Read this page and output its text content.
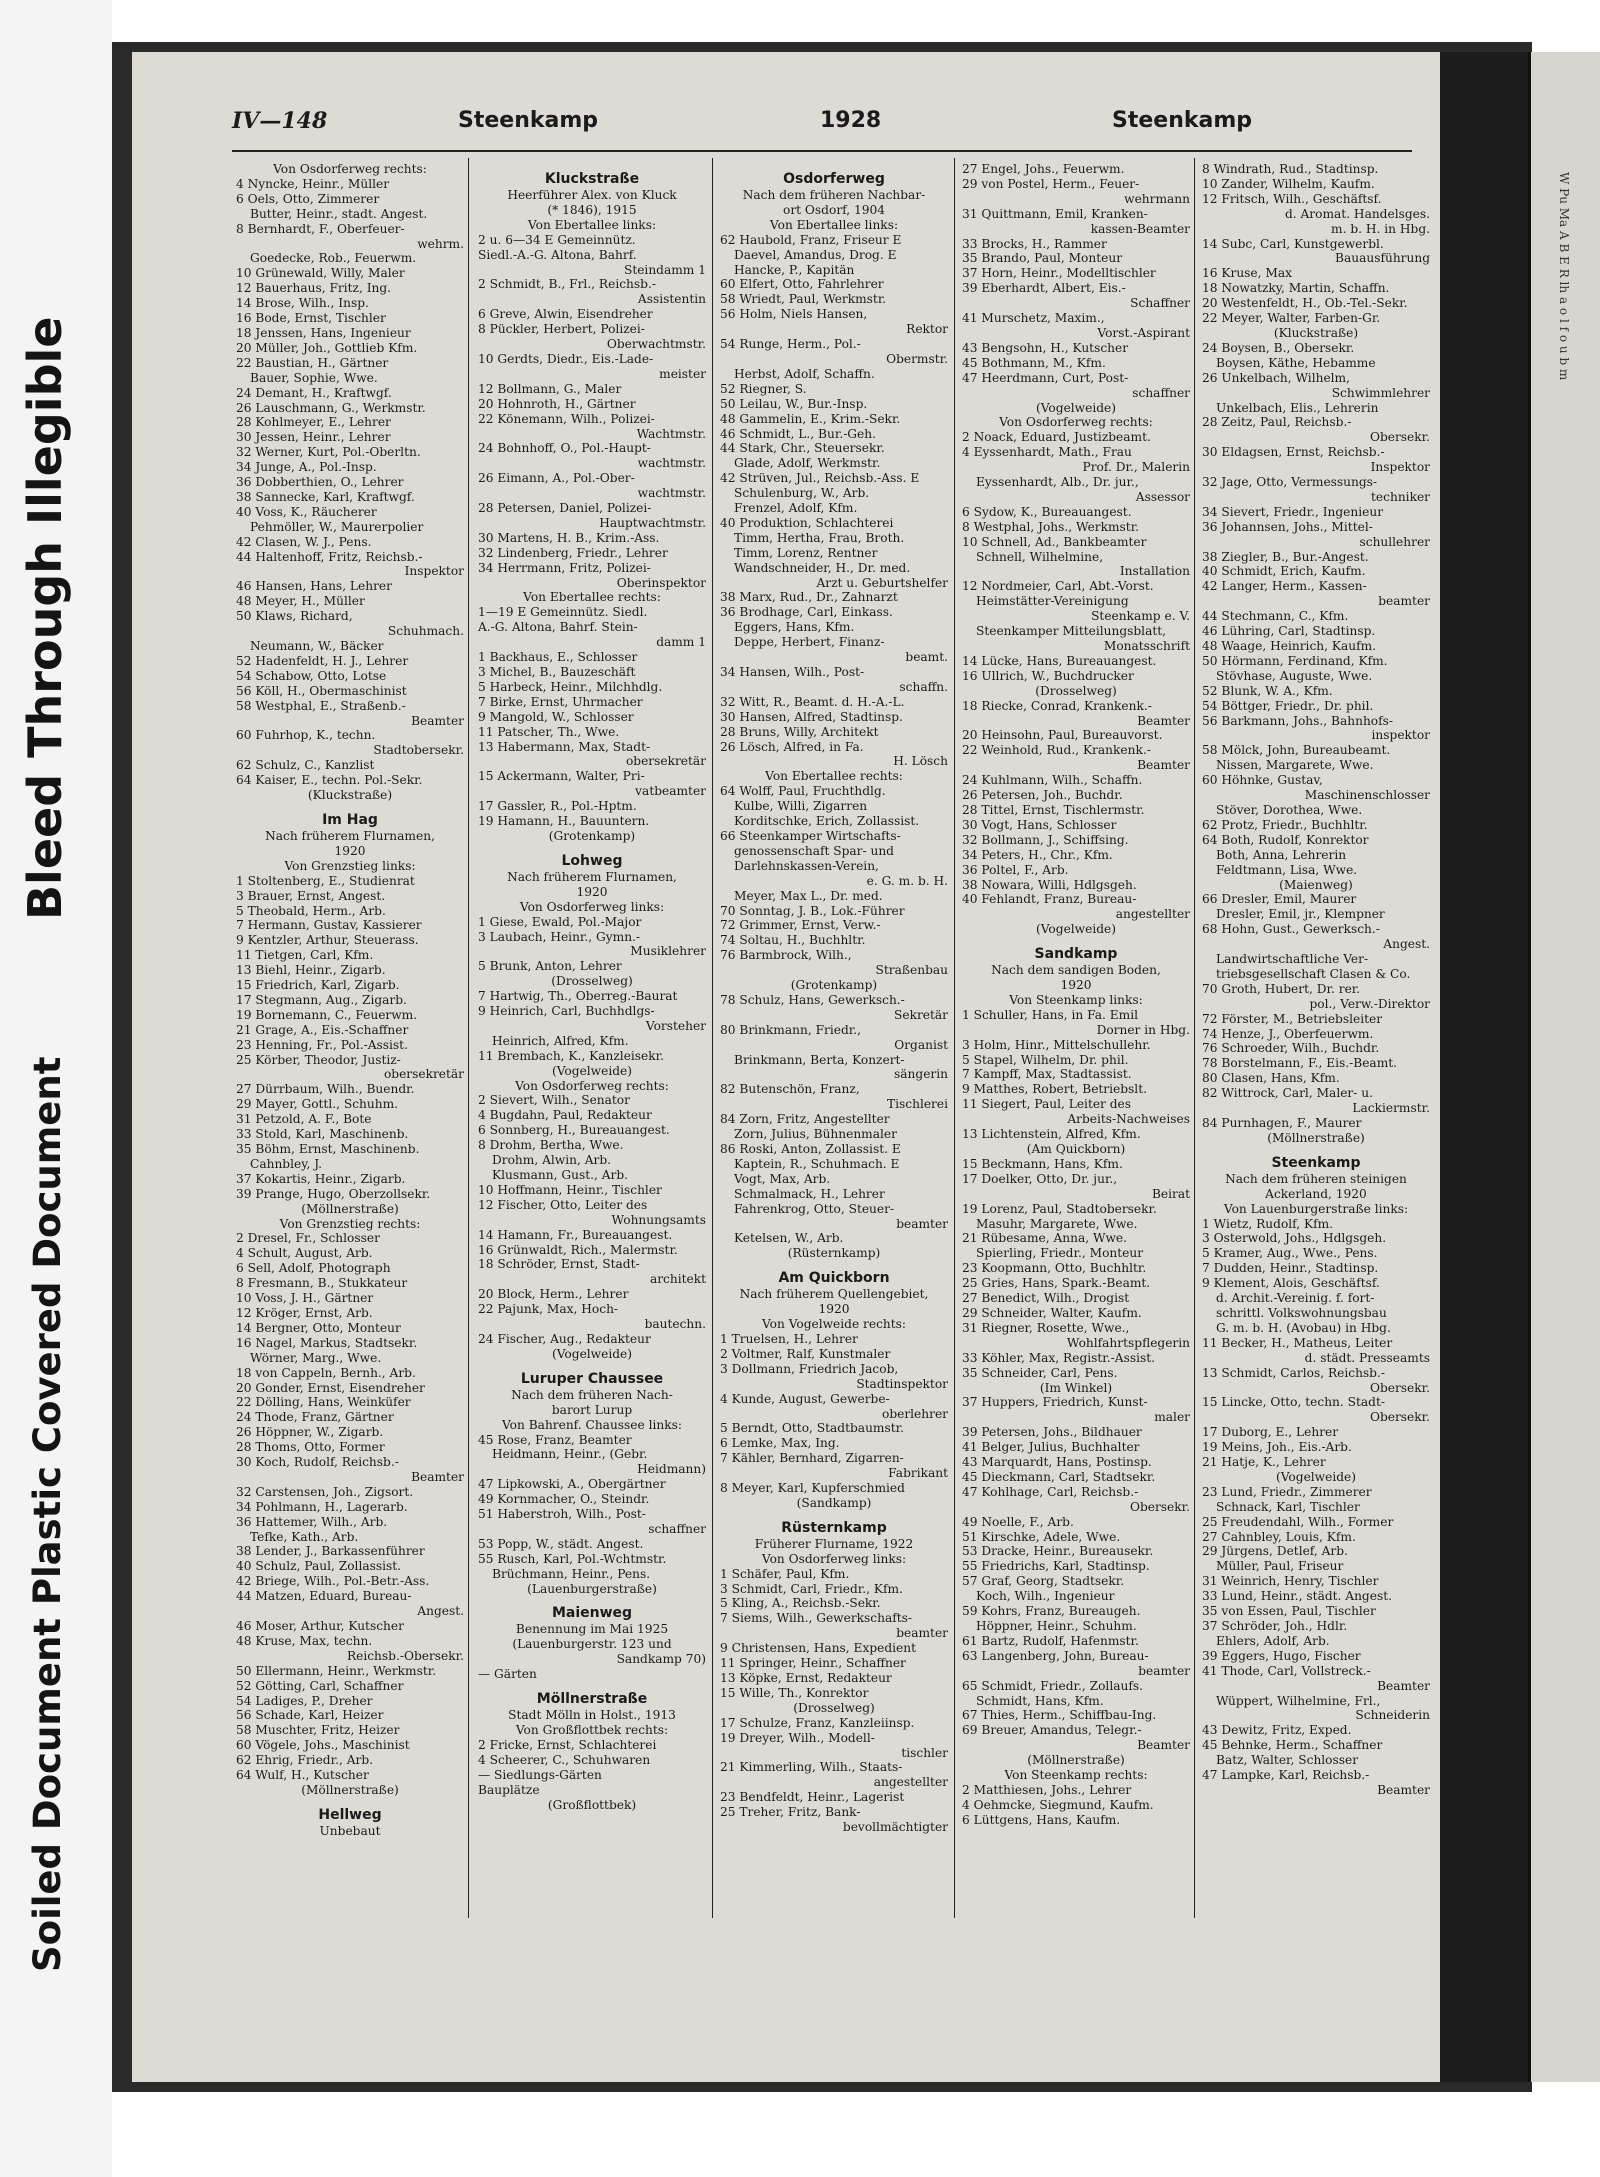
Bleed Through Illegible
Soiled Document Plastic Covered Document
W Pu Ma A B E R lh a o l f o u b m
IV—148	Steenkamp	1928	Steenkamp

Von Osdorferweg rechts:

4 Nyncke, Heinr., Müller

6 Oels, Otto, Zimmerer

Butter, Heinr., stadt. Angest.

8 Bernhardt, F., Oberfeuer-

wehrm.

Goedecke, Rob., Feuerwm.

10 Grünewald, Willy, Maler

12 Bauerhaus, Fritz, Ing.

14 Brose, Wilh., Insp.

16 Bode, Ernst, Tischler

18 Jenssen, Hans, Ingenieur

20 Müller, Joh., Gottlieb Kfm.

22 Baustian, H., Gärtner

Bauer, Sophie, Wwe.

24 Demant, H., Kraftwgf.

26 Lauschmann, G., Werkmstr.

28 Kohlmeyer, E., Lehrer

30 Jessen, Heinr., Lehrer

32 Werner, Kurt, Pol.-Oberltn.

34 Junge, A., Pol.-Insp.

36 Dobberthien, O., Lehrer

38 Sannecke, Karl, Kraftwgf.

40 Voss, K., Räucherer

Pehmöller, W., Maurerpolier

42 Clasen, W. J., Pens.

44 Haltenhoff, Fritz, Reichsb.-

Inspektor

46 Hansen, Hans, Lehrer

48 Meyer, H., Müller

50 Klaws, Richard,

Schuhmach.

Neumann, W., Bäcker

52 Hadenfeldt, H. J., Lehrer

54 Schabow, Otto, Lotse

56 Köll, H., Obermaschinist

58 Westphal, E., Straßenb.-

Beamter

60 Fuhrhop, K., techn.

Stadtobersekr.

62 Schulz, C., Kanzlist

64 Kaiser, E., techn. Pol.-Sekr.

(Kluckstraße)

Im Hag

Nach früherem Flurnamen,

1920

Von Grenzstieg links:

1 Stoltenberg, E., Studienrat

3 Brauer, Ernst, Angest.

5 Theobald, Herm., Arb.

7 Hermann, Gustav, Kassierer

9 Kentzler, Arthur, Steuerass.

11 Tietgen, Carl, Kfm.

13 Biehl, Heinr., Zigarb.

15 Friedrich, Karl, Zigarb.

17 Stegmann, Aug., Zigarb.

19 Bornemann, C., Feuerwm.

21 Grage, A., Eis.-Schaffner

23 Henning, Fr., Pol.-Assist.

25 Körber, Theodor, Justiz-

obersekretär

27 Dürrbaum, Wilh., Buendr.

29 Mayer, Gottl., Schuhm.

31 Petzold, A. F., Bote

33 Stold, Karl, Maschinenb.

35 Böhm, Ernst, Maschinenb.

Cahnbley, J.

37 Kokartis, Heinr., Zigarb.

39 Prange, Hugo, Oberzollsekr.

(Möllnerstraße)

Von Grenzstieg rechts:

2 Dresel, Fr., Schlosser

4 Schult, August, Arb.

6 Sell, Adolf, Photograph

8 Fresmann, B., Stukkateur

10 Voss, J. H., Gärtner

12 Kröger, Ernst, Arb.

14 Bergner, Otto, Monteur

16 Nagel, Markus, Stadtsekr.

Wörner, Marg., Wwe.

18 von Cappeln, Bernh., Arb.

20 Gonder, Ernst, Eisendreher

22 Dölling, Hans, Weinküfer

24 Thode, Franz, Gärtner

26 Höppner, W., Zigarb.

28 Thoms, Otto, Former

30 Koch, Rudolf, Reichsb.-

Beamter

32 Carstensen, Joh., Zigsort.

34 Pohlmann, H., Lagerarb.

36 Hattemer, Wilh., Arb.

Tefke, Kath., Arb.

38 Lender, J., Barkassenführer

40 Schulz, Paul, Zollassist.

42 Briege, Wilh., Pol.-Betr.-Ass.

44 Matzen, Eduard, Bureau-

Angest.

46 Moser, Arthur, Kutscher

48 Kruse, Max, techn.

Reichsb.-Obersekr.

50 Ellermann, Heinr., Werkmstr.

52 Götting, Carl, Schaffner

54 Ladiges, P., Dreher

56 Schade, Karl, Heizer

58 Muschter, Fritz, Heizer

60 Vögele, Johs., Maschinist

62 Ehrig, Friedr., Arb.

64 Wulf, H., Kutscher

(Möllnerstraße)

Hellweg

Unbebaut

Kluckstraße

Heerführer Alex. von Kluck

(* 1846), 1915

Von Ebertallee links:

2 u. 6—34 E Gemeinnütz.

Siedl.-A.-G. Altona, Bahrf.

Steindamm 1

2 Schmidt, B., Frl., Reichsb.-

Assistentin

6 Greve, Alwin, Eisendreher

8 Pückler, Herbert, Polizei-

Oberwachtmstr.

10 Gerdts, Diedr., Eis.-Lade-

meister

12 Bollmann, G., Maler

20 Hohnroth, H., Gärtner

22 Könemann, Wilh., Polizei-

Wachtmstr.

24 Bohnhoff, O., Pol.-Haupt-

wachtmstr.

26 Eimann, A., Pol.-Ober-

wachtmstr.

28 Petersen, Daniel, Polizei-

Hauptwachtmstr.

30 Martens, H. B., Krim.-Ass.

32 Lindenberg, Friedr., Lehrer

34 Herrmann, Fritz, Polizei-

Oberinspektor

Von Ebertallee rechts:

1—19 E Gemeinnütz. Siedl.

A.-G. Altona, Bahrf. Stein-

damm 1

1 Backhaus, E., Schlosser

3 Michel, B., Bauzeschäft

5 Harbeck, Heinr., Milchhdlg.

7 Birke, Ernst, Uhrmacher

9 Mangold, W., Schlosser

11 Patscher, Th., Wwe.

13 Habermann, Max, Stadt-

obersekretär

15 Ackermann, Walter, Pri-

vatbeamter

17 Gassler, R., Pol.-Hptm.

19 Hamann, H., Bauuntern.

(Grotenkamp)

Lohweg

Nach früherem Flurnamen,

1920

Von Osdorferweg links:

1 Giese, Ewald, Pol.-Major

3 Laubach, Heinr., Gymn.-

Musiklehrer

5 Brunk, Anton, Lehrer

(Drosselweg)

7 Hartwig, Th., Oberreg.-Baurat

9 Heinrich, Carl, Buchhdlgs-

Vorsteher

Heinrich, Alfred, Kfm.

11 Brembach, K., Kanzleisekr.

(Vogelweide)

Von Osdorferweg rechts:

2 Sievert, Wilh., Senator

4 Bugdahn, Paul, Redakteur

6 Sonnberg, H., Bureauangest.

8 Drohm, Bertha, Wwe.

Drohm, Alwin, Arb.

Klusmann, Gust., Arb.

10 Hoffmann, Heinr., Tischler

12 Fischer, Otto, Leiter des

Wohnungsamts

14 Hamann, Fr., Bureauangest.

16 Grünwaldt, Rich., Malermstr.

18 Schröder, Ernst, Stadt-

architekt

20 Block, Herm., Lehrer

22 Pajunk, Max, Hoch-

bautechn.

24 Fischer, Aug., Redakteur

(Vogelweide)

Luruper Chaussee

Nach dem früheren Nach-

barort Lurup

Von Bahrenf. Chaussee links:

45 Rose, Franz, Beamter

Heidmann, Heinr., (Gebr.

Heidmann)

47 Lipkowski, A., Obergärtner

49 Kornmacher, O., Steindr.

51 Haberstroh, Wilh., Post-

schaffner

53 Popp, W., städt. Angest.

55 Rusch, Karl, Pol.-Wchtmstr.

Brüchmann, Heinr., Pens.

(Lauenburgerstraße)

Maienweg

Benennung im Mai 1925

(Lauenburgerstr. 123 und

Sandkamp 70)

— Gärten

Möllnerstraße

Stadt Mölln in Holst., 1913

Von Großflottbek rechts:

2 Fricke, Ernst, Schlachterei

4 Scheerer, C., Schuhwaren

— Siedlungs-Gärten

Bauplätze

(Großflottbek)

Osdorferweg

Nach dem früheren Nachbar-

ort Osdorf, 1904

Von Ebertallee links:

62 Haubold, Franz, Friseur E

Daevel, Amandus, Drog. E

Hancke, P., Kapitän

60 Elfert, Otto, Fahrlehrer

58 Wriedt, Paul, Werkmstr.

56 Holm, Niels Hansen,

Rektor

54 Runge, Herm., Pol.-

Obermstr.

Herbst, Adolf, Schaffn.

52 Riegner, S.

50 Leilau, W., Bur.-Insp.

48 Gammelin, E., Krim.-Sekr.

46 Schmidt, L., Bur.-Geh.

44 Stark, Chr., Steuersekr.

Glade, Adolf, Werkmstr.

42 Strüven, Jul., Reichsb.-Ass. E

Schulenburg, W., Arb.

Frenzel, Adolf, Kfm.

40 Produktion, Schlachterei

Timm, Hertha, Frau, Broth.

Timm, Lorenz, Rentner

Wandschneider, H., Dr. med.

Arzt u. Geburtshelfer

38 Marx, Rud., Dr., Zahnarzt

36 Brodhage, Carl, Einkass.

Eggers, Hans, Kfm.

Deppe, Herbert, Finanz-

beamt.

34 Hansen, Wilh., Post-

schaffn.

32 Witt, R., Beamt. d. H.-A.-L.

30 Hansen, Alfred, Stadtinsp.

28 Bruns, Willy, Architekt

26 Lösch, Alfred, in Fa.

H. Lösch

Von Ebertallee rechts:

64 Wolff, Paul, Fruchthdlg.

Kulbe, Willi, Zigarren

Korditschke, Erich, Zollassist.

66 Steenkamper Wirtschafts-

genossenschaft Spar- und

Darlehnskassen-Verein,

e. G. m. b. H.

Meyer, Max L., Dr. med.

70 Sonntag, J. B., Lok.-Führer

72 Grimmer, Ernst, Verw.-

74 Soltau, H., Buchhltr.

76 Barmbrock, Wilh.,

Straßenbau

(Grotenkamp)

78 Schulz, Hans, Gewerksch.-

Sekretär

80 Brinkmann, Friedr.,

Organist

Brinkmann, Berta, Konzert-

sängerin

82 Butenschön, Franz,

Tischlerei

84 Zorn, Fritz, Angestellter

Zorn, Julius, Bühnenmaler

86 Roski, Anton, Zollassist. E

Kaptein, R., Schuhmach. E

Vogt, Max, Arb.

Schmalmack, H., Lehrer

Fahrenkrog, Otto, Steuer-

beamter

Ketelsen, W., Arb.

(Rüsternkamp)

Am Quickborn

Nach früherem Quellengebiet,

1920

Von Vogelweide rechts:

1 Truelsen, H., Lehrer

2 Voltmer, Ralf, Kunstmaler

3 Dollmann, Friedrich Jacob,

Stadtinspektor

4 Kunde, August, Gewerbe-

oberlehrer

5 Berndt, Otto, Stadtbaumstr.

6 Lemke, Max, Ing.

7 Kähler, Bernhard, Zigarren-

Fabrikant

8 Meyer, Karl, Kupferschmied

(Sandkamp)

Rüsternkamp

Früherer Flurname, 1922

Von Osdorferweg links:

1 Schäfer, Paul, Kfm.

3 Schmidt, Carl, Friedr., Kfm.

5 Kling, A., Reichsb.-Sekr.

7 Siems, Wilh., Gewerkschafts-

beamter

9 Christensen, Hans, Expedient

11 Springer, Heinr., Schaffner

13 Köpke, Ernst, Redakteur

15 Wille, Th., Konrektor

(Drosselweg)

17 Schulze, Franz, Kanzleiinsp.

19 Dreyer, Wilh., Modell-

tischler

21 Kimmerling, Wilh., Staats-

angestellter

23 Bendfeldt, Heinr., Lagerist

25 Treher, Fritz, Bank-

bevollmächtigter

27 Engel, Johs., Feuerwm.

29 von Postel, Herm., Feuer-

wehrmann

31 Quittmann, Emil, Kranken-

kassen-Beamter

33 Brocks, H., Rammer

35 Brando, Paul, Monteur

37 Horn, Heinr., Modelltischler

39 Eberhardt, Albert, Eis.-

Schaffner

41 Murschetz, Maxim.,

Vorst.-Aspirant

43 Bengsohn, H., Kutscher

45 Bothmann, M., Kfm.

47 Heerdmann, Curt, Post-

schaffner

(Vogelweide)

Von Osdorferweg rechts:

2 Noack, Eduard, Justizbeamt.

4 Eyssenhardt, Math., Frau

Prof. Dr., Malerin

Eyssenhardt, Alb., Dr. jur.,

Assessor

6 Sydow, K., Bureauangest.

8 Westphal, Johs., Werkmstr.

10 Schnell, Ad., Bankbeamter

Schnell, Wilhelmine,

Installation

12 Nordmeier, Carl, Abt.-Vorst.

Heimstätter-Vereinigung

Steenkamp e. V.

Steenkamper Mitteilungsblatt,

Monatsschrift

14 Lücke, Hans, Bureauangest.

16 Ullrich, W., Buchdrucker

(Drosselweg)

18 Riecke, Conrad, Krankenk.-

Beamter

20 Heinsohn, Paul, Bureauvorst.

22 Weinhold, Rud., Krankenk.-

Beamter

24 Kuhlmann, Wilh., Schaffn.

26 Petersen, Joh., Buchdr.

28 Tittel, Ernst, Tischlermstr.

30 Vogt, Hans, Schlosser

32 Bollmann, J., Schiffsing.

34 Peters, H., Chr., Kfm.

36 Poltel, F., Arb.

38 Nowara, Willi, Hdlgsgeh.

40 Fehlandt, Franz, Bureau-

angestellter

(Vogelweide)

Sandkamp

Nach dem sandigen Boden,

1920

Von Steenkamp links:

1 Schuller, Hans, in Fa. Emil

Dorner in Hbg.

3 Holm, Hinr., Mittelschullehr.

5 Stapel, Wilhelm, Dr. phil.

7 Kampff, Max, Stadtassist.

9 Matthes, Robert, Betriebslt.

11 Siegert, Paul, Leiter des

Arbeits-Nachweises

13 Lichtenstein, Alfred, Kfm.

(Am Quickborn)

15 Beckmann, Hans, Kfm.

17 Doelker, Otto, Dr. jur.,

Beirat

19 Lorenz, Paul, Stadtobersekr.

Masuhr, Margarete, Wwe.

21 Rübesame, Anna, Wwe.

Spierling, Friedr., Monteur

23 Koopmann, Otto, Buchhltr.

25 Gries, Hans, Spark.-Beamt.

27 Benedict, Wilh., Drogist

29 Schneider, Walter, Kaufm.

31 Riegner, Rosette, Wwe.,

Wohlfahrtspflegerin

33 Köhler, Max, Registr.-Assist.

35 Schneider, Carl, Pens.

(Im Winkel)

37 Huppers, Friedrich, Kunst-

maler

39 Petersen, Johs., Bildhauer

41 Belger, Julius, Buchhalter

43 Marquardt, Hans, Postinsp.

45 Dieckmann, Carl, Stadtsekr.

47 Kohlhage, Carl, Reichsb.-

Obersekr.

49 Noelle, F., Arb.

51 Kirschke, Adele, Wwe.

53 Dracke, Heinr., Bureausekr.

55 Friedrichs, Karl, Stadtinsp.

57 Graf, Georg, Stadtsekr.

Koch, Wilh., Ingenieur

59 Kohrs, Franz, Bureaugeh.

Höppner, Heinr., Schuhm.

61 Bartz, Rudolf, Hafenmstr.

63 Langenberg, John, Bureau-

beamter

65 Schmidt, Friedr., Zollaufs.

Schmidt, Hans, Kfm.

67 Thies, Herm., Schiffbau-Ing.

69 Breuer, Amandus, Telegr.-

Beamter

(Möllnerstraße)

Von Steenkamp rechts:

2 Matthiesen, Johs., Lehrer

4 Oehmcke, Siegmund, Kaufm.

6 Lüttgens, Hans, Kaufm.

8 Windrath, Rud., Stadtinsp.

10 Zander, Wilhelm, Kaufm.

12 Fritsch, Wilh., Geschäftsf.

d. Aromat. Handelsges.

m. b. H. in Hbg.

14 Subc, Carl, Kunstgewerbl.

Bauausführung

16 Kruse, Max

18 Nowatzky, Martin, Schaffn.

20 Westenfeldt, H., Ob.-Tel.-Sekr.

22 Meyer, Walter, Farben-Gr.

(Kluckstraße)

24 Boysen, B., Obersekr.

Boysen, Käthe, Hebamme

26 Unkelbach, Wilhelm,

Schwimmlehrer

Unkelbach, Elis., Lehrerin

28 Zeitz, Paul, Reichsb.-

Obersekr.

30 Eldagsen, Ernst, Reichsb.-

Inspektor

32 Jage, Otto, Vermessungs-

techniker

34 Sievert, Friedr., Ingenieur

36 Johannsen, Johs., Mittel-

schullehrer

38 Ziegler, B., Bur.-Angest.

40 Schmidt, Erich, Kaufm.

42 Langer, Herm., Kassen-

beamter

44 Stechmann, C., Kfm.

46 Lühring, Carl, Stadtinsp.

48 Waage, Heinrich, Kaufm.

50 Hörmann, Ferdinand, Kfm.

Stövhase, Auguste, Wwe.

52 Blunk, W. A., Kfm.

54 Böttger, Friedr., Dr. phil.

56 Barkmann, Johs., Bahnhofs-

inspektor

58 Mölck, John, Bureaubeamt.

Nissen, Margarete, Wwe.

60 Höhnke, Gustav,

Maschinenschlosser

Stöver, Dorothea, Wwe.

62 Protz, Friedr., Buchhltr.

64 Both, Rudolf, Konrektor

Both, Anna, Lehrerin

Feldtmann, Lisa, Wwe.

(Maienweg)

66 Dresler, Emil, Maurer

Dresler, Emil, jr., Klempner

68 Hohn, Gust., Gewerksch.-

Angest.

Landwirtschaftliche Ver-

triebsgesellschaft Clasen & Co.

70 Groth, Hubert, Dr. rer.

pol., Verw.-Direktor

72 Förster, M., Betriebsleiter

74 Henze, J., Oberfeuerwm.

76 Schroeder, Wilh., Buchdr.

78 Borstelmann, F., Eis.-Beamt.

80 Clasen, Hans, Kfm.

82 Wittrock, Carl, Maler- u.

Lackiermstr.

84 Purnhagen, F., Maurer

(Möllnerstraße)

Steenkamp

Nach dem früheren steinigen

Ackerland, 1920

Von Lauenburgerstraße links:

1 Wietz, Rudolf, Kfm.

3 Osterwold, Johs., Hdlgsgeh.

5 Kramer, Aug., Wwe., Pens.

7 Dudden, Heinr., Stadtinsp.

9 Klement, Alois, Geschäftsf.

d. Archit.-Vereinig. f. fort-

schrittl. Volkswohnungsbau

G. m. b. H. (Avobau) in Hbg.

11 Becker, H., Matheus, Leiter

d. städt. Presseamts

13 Schmidt, Carlos, Reichsb.-

Obersekr.

15 Lincke, Otto, techn. Stadt-

Obersekr.

17 Duborg, E., Lehrer

19 Meins, Joh., Eis.-Arb.

21 Hatje, K., Lehrer

(Vogelweide)

23 Lund, Friedr., Zimmerer

Schnack, Karl, Tischler

25 Freudendahl, Wilh., Former

27 Cahnbley, Louis, Kfm.

29 Jürgens, Detlef, Arb.

Müller, Paul, Friseur

31 Weinrich, Henry, Tischler

33 Lund, Heinr., städt. Angest.

35 von Essen, Paul, Tischler

37 Schröder, Joh., Hdlr.

Ehlers, Adolf, Arb.

39 Eggers, Hugo, Fischer

41 Thode, Carl, Vollstreck.-

Beamter

Wüppert, Wilhelmine, Frl.,

Schneiderin

43 Dewitz, Fritz, Exped.

45 Behnke, Herm., Schaffner

Batz, Walter, Schlosser

47 Lampke, Karl, Reichsb.-

Beamter
